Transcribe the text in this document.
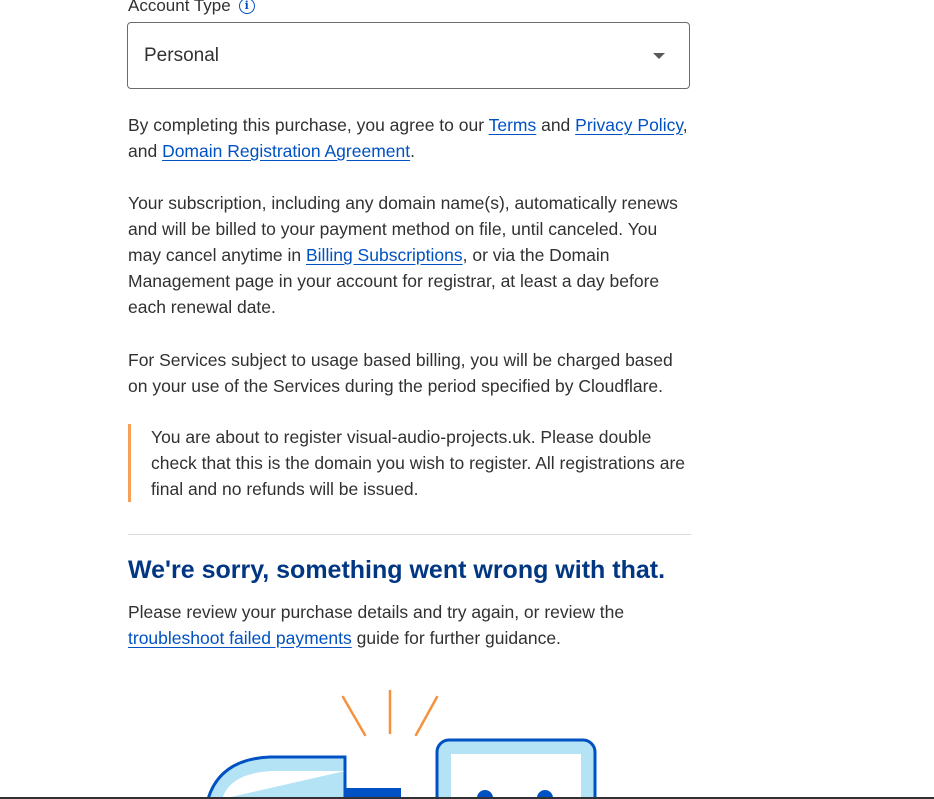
Account Type	i
Personal

By completing this purchase, you agree to our Terms and Privacy Policy, and Domain Registration Agreement.

Your subscription, including any domain name(s), automatically renews and will be billed to your payment method on file, until canceled. You may cancel anytime in Billing Subscriptions, or via the Domain Management page in your account for registrar, at least a day before each renewal date.

For Services subject to usage based billing, you will be charged based on your use of the Services during the period specified by Cloudflare.

You are about to register visual-audio-projects.uk. Please double check that this is the domain you wish to register. All registrations are final and no refunds will be issued.

We're sorry, something went wrong with that.

Please review your purchase details and try again, or review the troubleshoot failed payments guide for further guidance.
